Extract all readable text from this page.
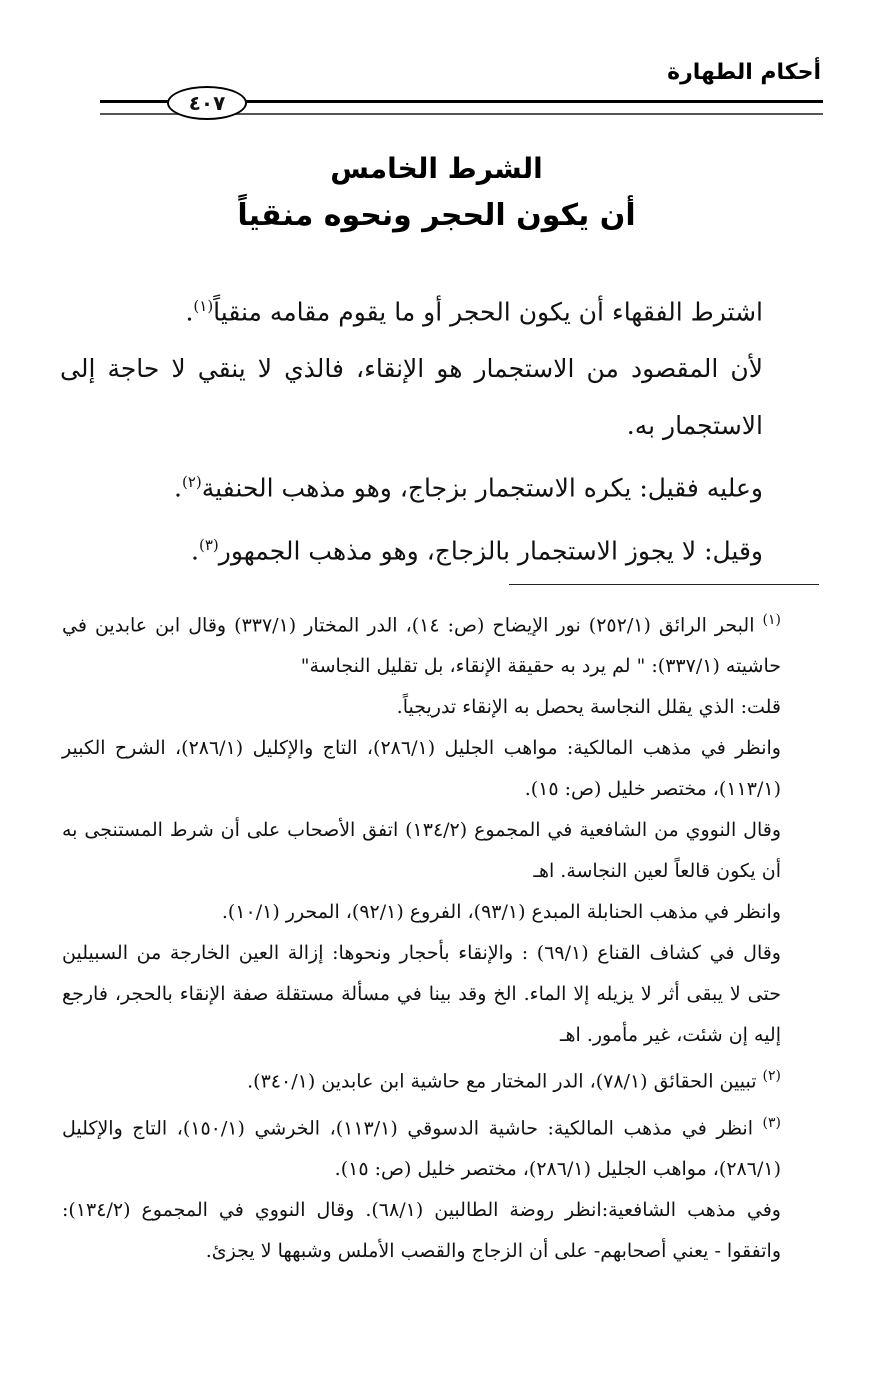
أحكام الطهارة
٤٠٧
الشرط الخامس
أن يكون الحجر ونحوه منقياً

اشترط الفقهاء أن يكون الحجر أو ما يقوم مقامه منقياً$^{(١)}$.

لأن المقصود من الاستجمار هو الإنقاء، فالذي لا ينقي لا حاجة إلى الاستجمار به.

وعليه فقيل: يكره الاستجمار بزجاج، وهو مذهب الحنفية$^{(٢)}$.

وقيل: لا يجوز الاستجمار بالزجاج، وهو مذهب الجمهور$^{(٣)}$.

$^{(١)}$ البحر الرائق (٢٥٢/١) نور الإيضاح (ص: ١٤)، الدر المختار (٣٣٧/١) وقال ابن عابدين في حاشيته (٣٣٧/١): " لم يرد به حقيقة الإنقاء، بل تقليل النجاسة"

قلت: الذي يقلل النجاسة يحصل به الإنقاء تدريجياً.

وانظر في مذهب المالكية: مواهب الجليل (٢٨٦/١)، التاج والإكليل (٢٨٦/١)، الشرح الكبير (١١٣/١)، مختصر خليل (ص: ١٥).

وقال النووي من الشافعية في المجموع (١٣٤/٢) اتفق الأصحاب على أن شرط المستنجى به أن يكون قالعاً لعين النجاسة. اهـ

وانظر في مذهب الحنابلة المبدع (٩٣/١)، الفروع (٩٢/١)، المحرر (١٠/١).

وقال في كشاف القناع (٦٩/١) : والإنقاء بأحجار ونحوها: إزالة العين الخارجة من السبيلين حتى لا يبقى أثر لا يزيله إلا الماء. الخ وقد بينا في مسألة مستقلة صفة الإنقاء بالحجر، فارجع إليه إن شئت، غير مأمور. اهـ

$^{(٢)}$ تبيين الحقائق (٧٨/١)، الدر المختار مع حاشية ابن عابدين (٣٤٠/١).

$^{(٣)}$ انظر في مذهب المالكية: حاشية الدسوقي (١١٣/١)، الخرشي (١٥٠/١)، التاج والإكليل (٢٨٦/١)، مواهب الجليل (٢٨٦/١)، مختصر خليل (ص: ١٥).

وفي مذهب الشافعية:انظر روضة الطالبين (٦٨/١). وقال النووي في المجموع (١٣٤/٢): واتفقوا - يعني أصحابهم- على أن الزجاج والقصب الأملس وشبهها لا يجزئ.
